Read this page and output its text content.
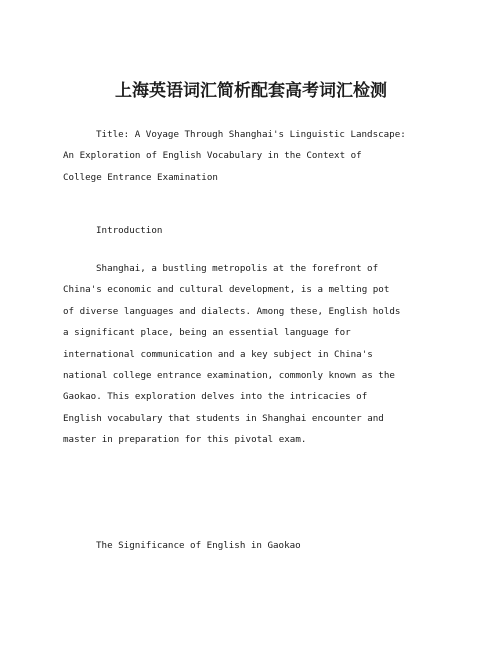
上海英语词汇简析配套高考词汇检测
Title: A Voyage Through Shanghai's Linguistic Landscape:
An Exploration of English Vocabulary in the Context of
College Entrance Examination
Introduction
Shanghai, a bustling metropolis at the forefront of
China's economic and cultural development, is a melting pot
of diverse languages and dialects. Among these, English holds
a significant place, being an essential language for
international communication and a key subject in China's
national college entrance examination, commonly known as the
Gaokao. This exploration delves into the intricacies of
English vocabulary that students in Shanghai encounter and
master in preparation for this pivotal exam.
The Significance of English in Gaokao
